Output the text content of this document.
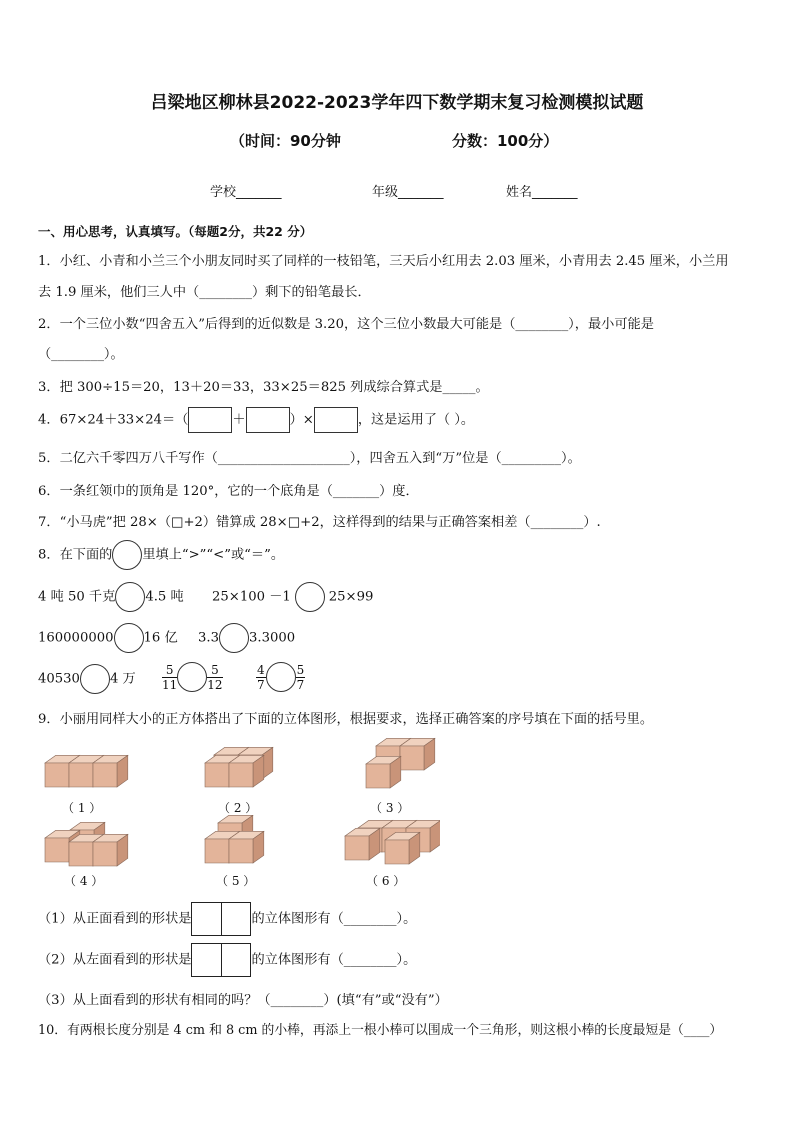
吕梁地区柳林县2022-2023学年四下数学期末复习检测模拟试题
（时间：90分钟	分数：100分）
学校_______	年级_______	姓名_______
一、用心思考，认真填写。（每题2分，共22 分）
1．小红、小青和小兰三个小朋友同时买了同样的一枝铅笔，三天后小红用去 2.03 厘米，小青用去 2.45 厘米，小兰用
去 1.9 厘米，他们三人中（________）剩下的铅笔最长．
2．一个三位小数“四舍五入”后得到的近似数是 3.20，这个三位小数最大可能是（________），最小可能是
（________）。
3．把 300÷15＝20，13＋20＝33，33×25＝825 列成综合算式是_____。
4．67×24＋33×24＝（	＋	）×	，这是运用了（ ）。
5．二亿六千零四万八千写作（____________________），四舍五入到“万”位是（_________）。
6．一条红领巾的顶角是 120°，它的一个底角是（_______）度．
7．“小马虎”把 28×（□+2）错算成 28×□+2，这样得到的结果与正确答案相差（________）.
8．在下面的 里填上“>”“<”或“＝”。
4 吨 50 千克 4.5 吨 25×100 －1	25×99
160000000 16 亿 3.3 3.3000
40530 4 万 $\frac{5}{11}$	$\frac{5}{12}$	$\frac{4}{7}$	$\frac{5}{7}$
9．小丽用同样大小的正方体搭出了下面的立体图形，根据要求，选择正确答案的序号填在下面的括号里。
（ 1 ）	（ 2 ）	（ 3 ）
（ 4 ）	（ 5 ）	（ 6 ）
（1）从正面看到的形状是	的立体图形有（________）。
（2）从左面看到的形状是	的立体图形有（________）。
（3）从上面看到的形状有相同的吗？（________）(填“有”或“没有”）
10．有两根长度分别是 4 cm 和 8 cm 的小棒，再添上一根小棒可以围成一个三角形，则这根小棒的长度最短是（____）
